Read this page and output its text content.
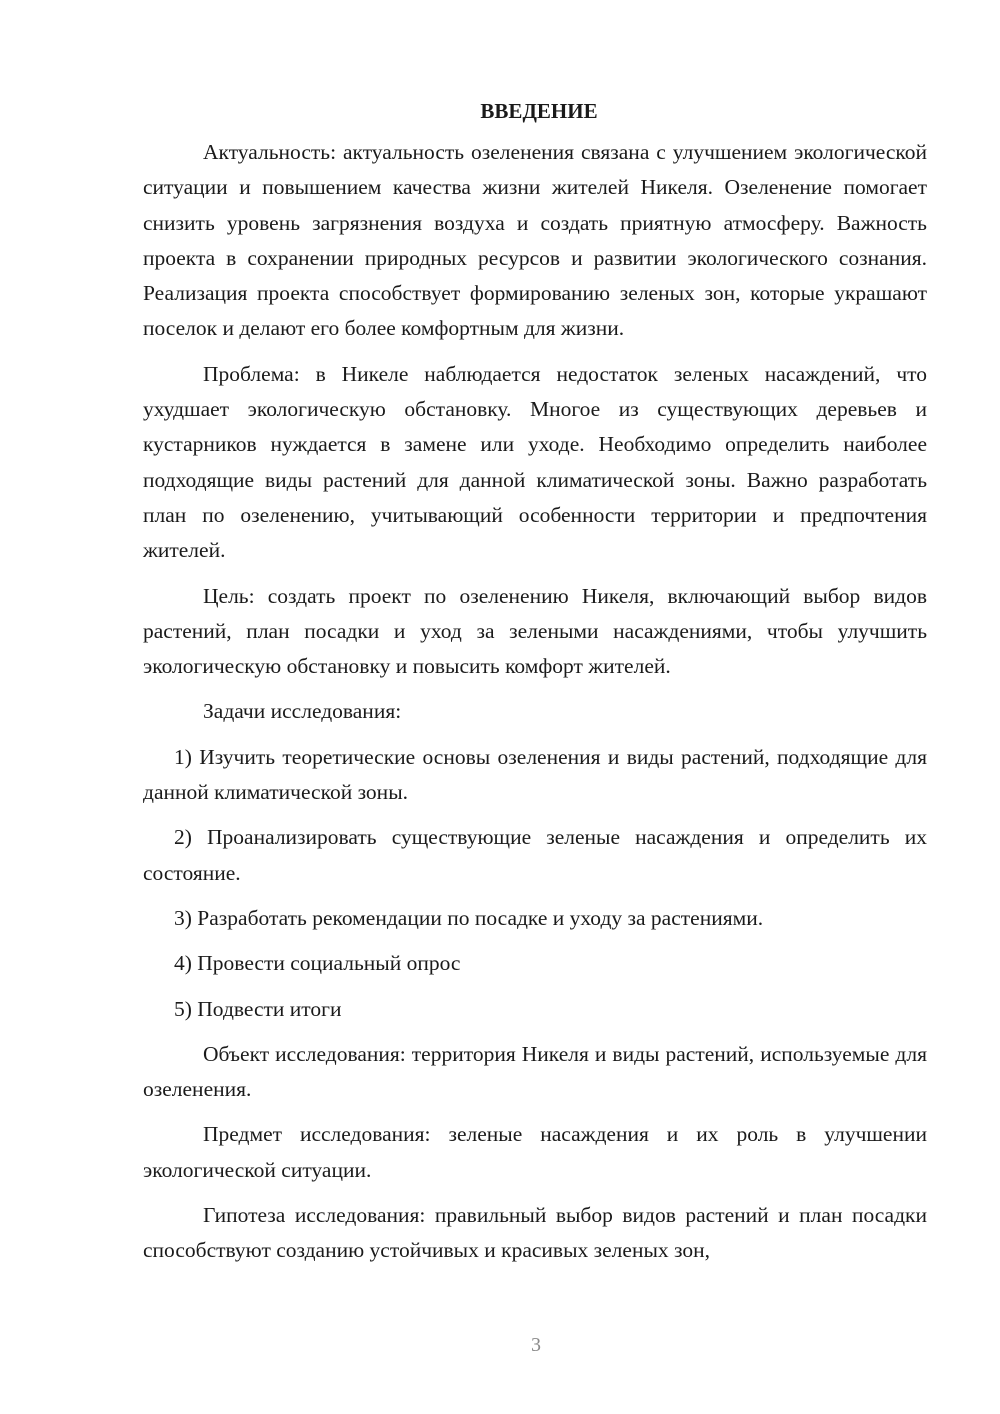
ВВЕДЕНИЕ

Актуальность: актуальность озеленения связана с улучшением экологической ситуации и повышением качества жизни жителей Никеля. Озеленение помогает снизить уровень загрязнения воздуха и создать приятную атмосферу. Важность проекта в сохранении природных ресурсов и развитии экологического сознания. Реализация проекта способствует формированию зеленых зон, которые украшают поселок и делают его более комфортным для жизни.

Проблема: в Никеле наблюдается недостаток зеленых насаждений, что ухудшает экологическую обстановку. Многое из существующих деревьев и кустарников нуждается в замене или уходе. Необходимо определить наиболее подходящие виды растений для данной климатической зоны. Важно разработать план по озеленению, учитывающий особенности территории и предпочтения жителей.

Цель: создать проект по озеленению Никеля, включающий выбор видов растений, план посадки и уход за зелеными насаждениями, чтобы улучшить экологическую обстановку и повысить комфорт жителей.

Задачи исследования:

1) Изучить теоретические основы озеленения и виды растений, подходящие для данной климатической зоны.

2) Проанализировать существующие зеленые насаждения и определить их состояние.

3) Разработать рекомендации по посадке и уходу за растениями.

4) Провести социальный опрос

5) Подвести итоги

Объект исследования: территория Никеля и виды растений, используемые для озеленения.

Предмет исследования: зеленые насаждения и их роль в улучшении экологической ситуации.

Гипотеза исследования: правильный выбор видов растений и план посадки способствуют созданию устойчивых и красивых зеленых зон,

3
